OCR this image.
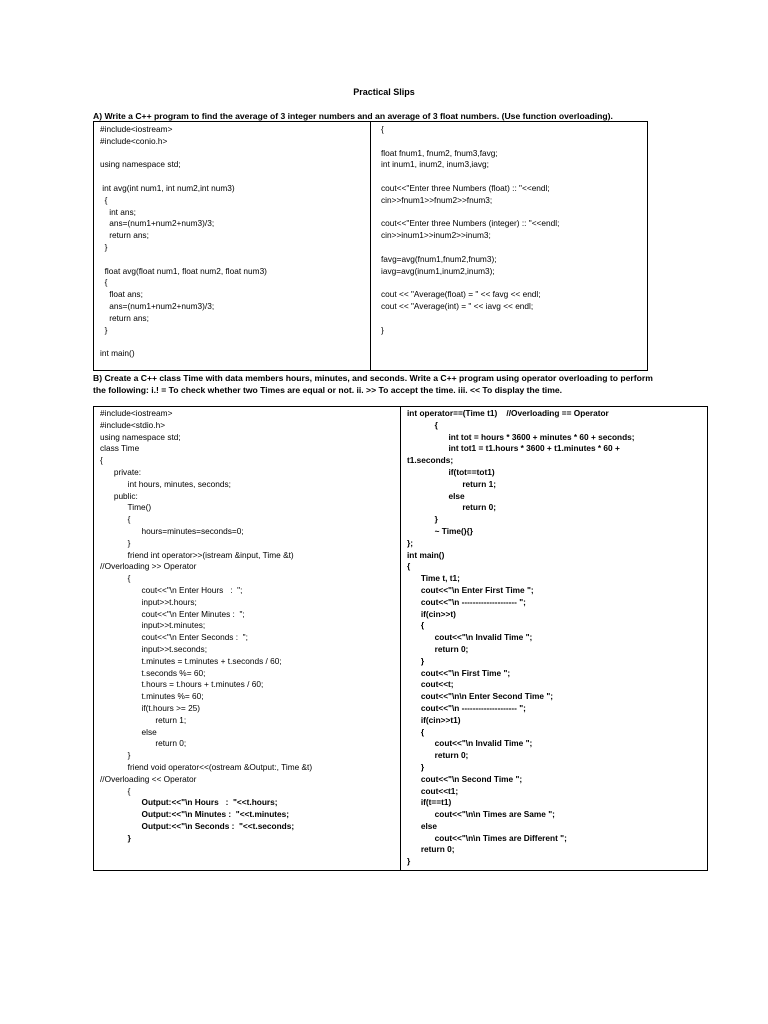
Practical Slips
A) Write a C++ program to find the average of 3 integer numbers and an average of 3 float numbers. (Use function overloading).
#include<iostream>
#include<conio.h>
using namespace std;
int avg(int num1, int num2,int num3)
{
int ans;
ans=(num1+num2+num3)/3;
return ans;
}
float avg(float num1, float num2, float num3)
{
float ans;
ans=(num1+num2+num3)/3;
return ans;
}
int main()
{
float fnum1, fnum2, fnum3,favg;
int inum1, inum2, inum3,iavg;
cout<<"Enter three Numbers (float) :: "<<endl;
cin>>fnum1>>fnum2>>fnum3;
cout<<"Enter three Numbers (integer) :: "<<endl;
cin>>inum1>>inum2>>inum3;
favg=avg(fnum1,fnum2,fnum3);
iavg=avg(inum1,inum2,inum3);
cout << "Average(float) = " << favg << endl;
cout << "Average(int) = " << iavg << endl;
}
B) Create a C++ class Time with data members hours, minutes, and seconds. Write a C++ program using operator overloading to perform
the following: i.! = To check whether two Times are equal or not. ii. >> To accept the time. iii. << To display the time.
#include<iostream>
#include<stdio.h>
using namespace std;
class Time
{
private:
int hours, minutes, seconds;
public:
Time()
{
hours=minutes=seconds=0;
}
friend int operator>>(istream &input, Time &t)
//Overloading >> Operator
{
cout<<"\n Enter Hours   :  ";
input>>t.hours;
cout<<"\n Enter Minutes :  ";
input>>t.minutes;
cout<<"\n Enter Seconds :  ";
input>>t.seconds;
t.minutes = t.minutes + t.seconds / 60;
t.seconds %= 60;
t.hours = t.hours + t.minutes / 60;
t.minutes %= 60;
if(t.hours >= 25)
return 1;
else
return 0;
}
friend void operator<<(ostream &Output:, Time &t)
//Overloading << Operator
{
Output:<<"\n Hours   :  "<<t.hours;
Output:<<"\n Minutes :  "<<t.minutes;
Output:<<"\n Seconds :  "<<t.seconds;
}
int operator==(Time t1)    //Overloading == Operator
{
int tot = hours * 3600 + minutes * 60 + seconds;
int tot1 = t1.hours * 3600 + t1.minutes * 60 +
t1.seconds;
if(tot==tot1)
return 1;
else
return 0;
}
~ Time(){}
};
int main()
{
Time t, t1;
cout<<"\n Enter First Time ";
cout<<"\n -------------------- ";
if(cin>>t)
{
cout<<"\n Invalid Time ";
return 0;
}
cout<<"\n First Time ";
cout<<t;
cout<<"\n\n Enter Second Time ";
cout<<"\n -------------------- ";
if(cin>>t1)
{
cout<<"\n Invalid Time ";
return 0;
}
cout<<"\n Second Time ";
cout<<t1;
if(t==t1)
cout<<"\n\n Times are Same ";
else
cout<<"\n\n Times are Different ";
return 0;
}
